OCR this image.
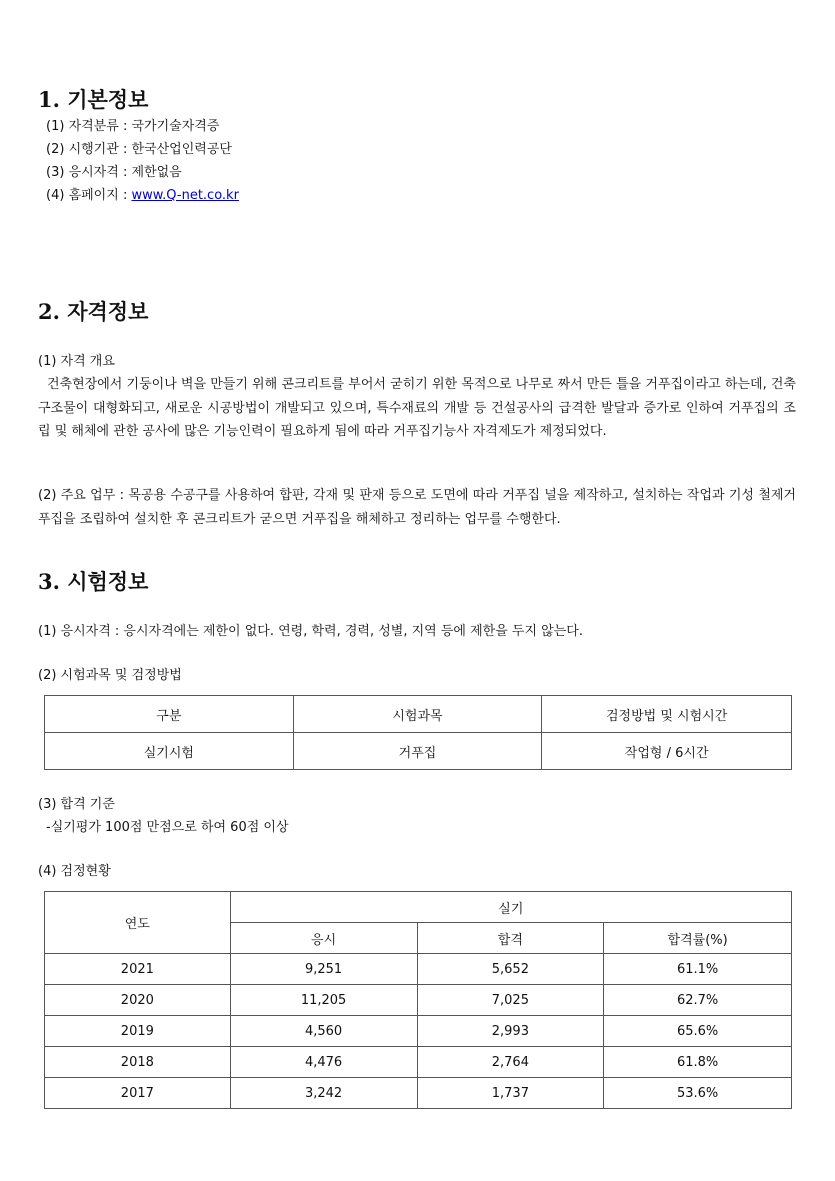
1. 기본정보
(1) 자격분류 : 국가기술자격증
(2) 시행기관 : 한국산업인력공단
(3) 응시자격 : 제한없음
(4) 홈페이지 : www.Q-net.co.kr
2. 자격정보
(1) 자격 개요
건축현장에서 기둥이나 벽을 만들기 위해 콘크리트를 부어서 굳히기 위한 목적으로 나무로 짜서 만든 틀을 거푸집이라고 하는데, 건축구조물이 대형화되고, 새로운 시공방법이 개발되고 있으며, 특수재료의 개발 등 건설공사의 급격한 발달과 증가로 인하여 거푸집의 조립 및 해체에 관한 공사에 많은 기능인력이 필요하게 됨에 따라 거푸집기능사 자격제도가 제정되었다.
(2) 주요 업무 : 목공용 수공구를 사용하여 합판, 각재 및 판재 등으로 도면에 따라 거푸집 널을 제작하고, 설치하는 작업과 기성 철제거푸집을 조립하여 설치한 후 콘크리트가 굳으면 거푸집을 해체하고 정리하는 업무를 수행한다.
3. 시험정보
(1) 응시자격 : 응시자격에는 제한이 없다. 연령, 학력, 경력, 성별, 지역 등에 제한을 두지 않는다.
(2) 시험과목 및 검정방법
구분	시험과목	검정방법 및 시험시간
실기시험	거푸집	작업형 / 6시간
(3) 합격 기준
-실기평가 100점 만점으로 하여 60점 이상
(4) 검정현황
연도	실기		
	응시	합격	합격률(%)
2021	9,251	5,652	61.1%
2020	11,205	7,025	62.7%
2019	4,560	2,993	65.6%
2018	4,476	2,764	61.8%
2017	3,242	1,737	53.6%
